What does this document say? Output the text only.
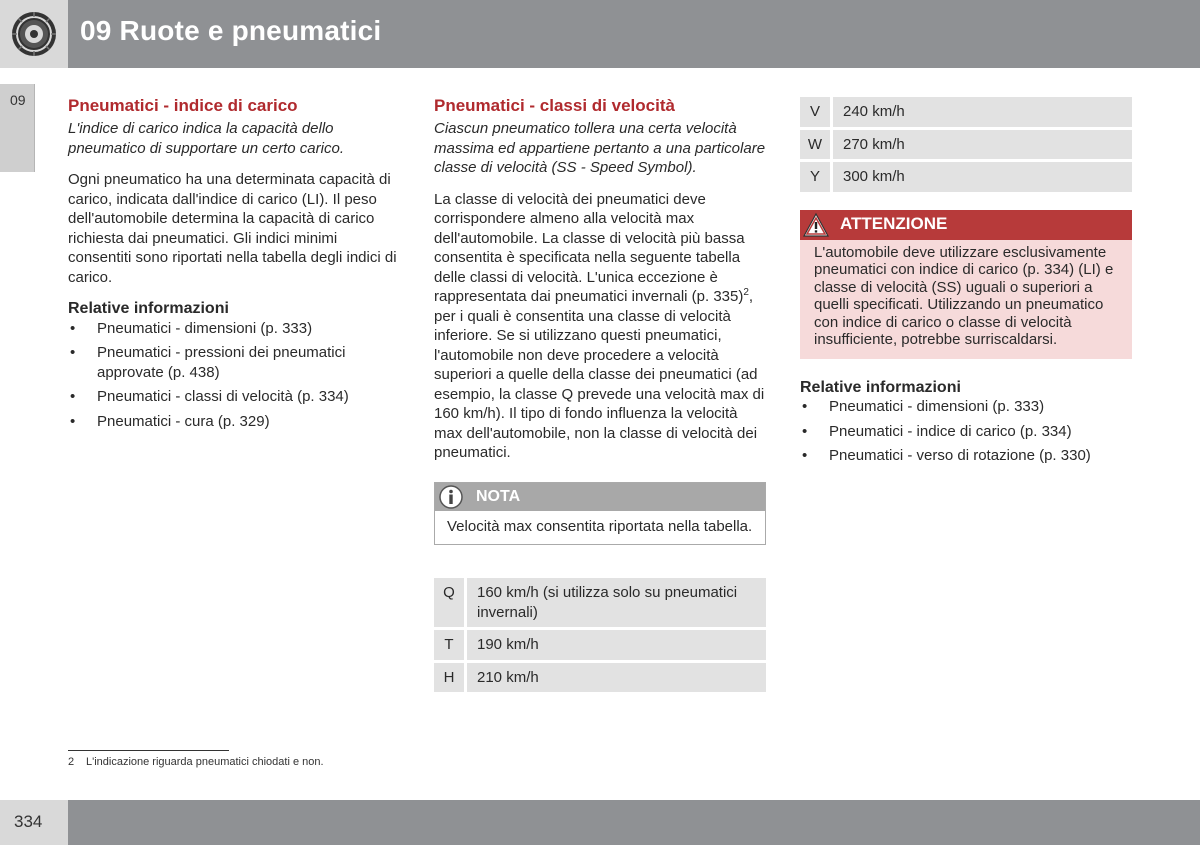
09 Ruote e pneumatici
09 Pneumatici - indice di carico
L'indice di carico indica la capacità dello pneumatico di supportare un certo carico.
Ogni pneumatico ha una determinata capacità di carico, indicata dall'indice di carico (LI). Il peso dell'automobile determina la capacità di carico richiesta dai pneumatici. Gli indici minimi consentiti sono riportati nella tabella degli indici di carico.
Relative informazioni
• Pneumatici - dimensioni (p. 333)
• Pneumatici - pressioni dei pneumatici approvate (p. 438)
• Pneumatici - classi di velocità (p. 334)
• Pneumatici - cura (p. 329)
Pneumatici - classi di velocità
Ciascun pneumatico tollera una certa velocità massima ed appartiene pertanto a una particolare classe di velocità (SS - Speed Symbol).
La classe di velocità dei pneumatici deve corrispondere almeno alla velocità max dell'automobile. La classe di velocità più bassa consentita è specificata nella seguente tabella delle classi di velocità. L'unica eccezione è rappresentata dai pneumatici invernali (p. 335)$^2$, per i quali è consentita una classe di velocità inferiore. Se si utilizzano questi pneumatici, l'automobile non deve procedere a velocità superiori a quelle della classe dei pneumatici (ad esempio, la classe Q prevede una velocità max di 160 km/h). Il tipo di fondo influenza la velocità max dell'automobile, non la classe di velocità dei pneumatici.
NOTA
Velocità max consentita riportata nella tabella.
Q	160 km/h (si utilizza solo su pneumatici invernali)
T	190 km/h
H	210 km/h
V	240 km/h
W	270 km/h
Y	300 km/h
ATTENZIONE
L'automobile deve utilizzare esclusivamente pneumatici con indice di carico (p. 334) (LI) e classe di velocità (SS) uguali o superiori a quelli specificati. Utilizzando un pneumatico con indice di carico o classe di velocità insufficiente, potrebbe surriscaldarsi.
Relative informazioni
• Pneumatici - dimensioni (p. 333)
• Pneumatici - indice di carico (p. 334)
• Pneumatici - verso di rotazione (p. 330)
2 L'indicazione riguarda pneumatici chiodati e non.
334
